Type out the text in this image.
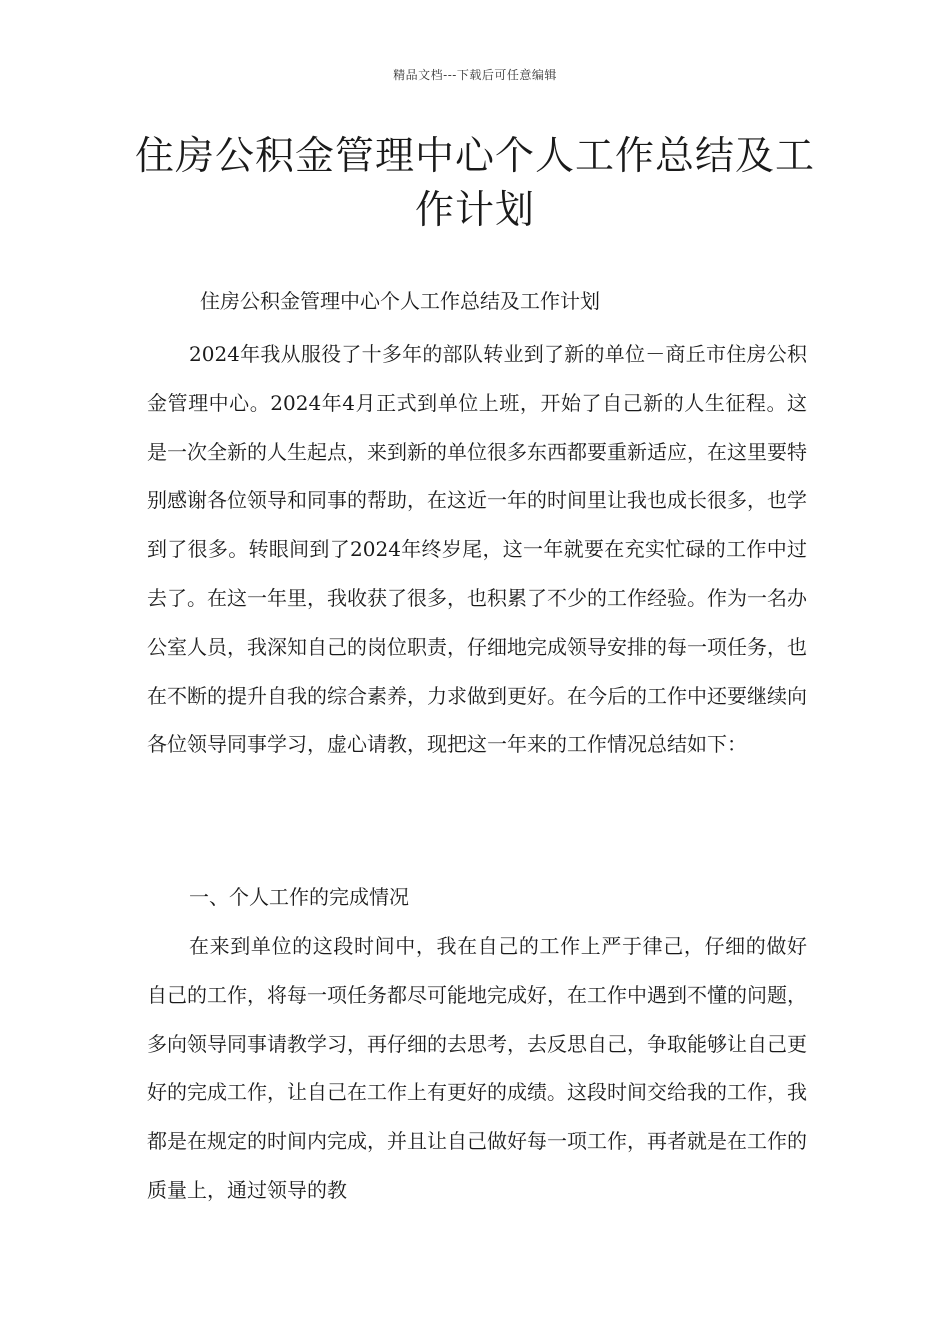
精品文档---下载后可任意编辑
住房公积金管理中心个人工作总结及工作计划
住房公积金管理中心个人工作总结及工作计划

2024年我从服役了十多年的部队转业到了新的单位－商丘市住房公积金管理中心。2024年4月正式到单位上班，开始了自己新的人生征程。这是一次全新的人生起点，来到新的单位很多东西都要重新适应，在这里要特别感谢各位领导和同事的帮助，在这近一年的时间里让我也成长很多，也学到了很多。转眼间到了2024年终岁尾，这一年就要在充实忙碌的工作中过去了。在这一年里，我收获了很多，也积累了不少的工作经验。作为一名办公室人员，我深知自己的岗位职责，仔细地完成领导安排的每一项任务，也在不断的提升自我的综合素养，力求做到更好。在今后的工作中还要继续向各位领导同事学习，虚心请教，现把这一年来的工作情况总结如下：

一、个人工作的完成情况

在来到单位的这段时间中，我在自己的工作上严于律己，仔细的做好自己的工作，将每一项任务都尽可能地完成好，在工作中遇到不懂的问题，多向领导同事请教学习，再仔细的去思考，去反思自己，争取能够让自己更好的完成工作，让自己在工作上有更好的成绩。这段时间交给我的工作，我都是在规定的时间内完成，并且让自己做好每一项工作，再者就是在工作的质量上，通过领导的教
